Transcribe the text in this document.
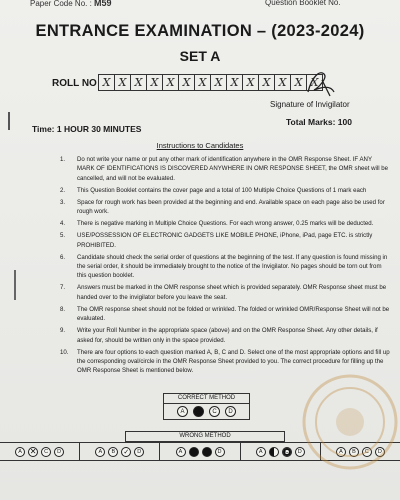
Paper Code No. : M59	Question Booklet No.
ENTRANCE EXAMINATION – (2023-2024)
SET A
ROLL NO X X X X X X X X X X X X X X
Signature of Invigilator
Total Marks: 100
Time: 1 HOUR 30 MINUTES
Instructions to Candidates
1. Do not write your name or put any other mark of identification anywhere in the OMR Response Sheet. IF ANY MARK OF IDENTIFICATIONS IS DISCOVERED ANYWHERE IN OMR RESPONSE SHEET, the OMR sheet will be cancelled, and will not be evaluated.
2. This Question Booklet contains the cover page and a total of 100 Multiple Choice Questions of 1 mark each
3. Space for rough work has been provided at the beginning and end. Available space on each page also be used for rough work.
4. There is negative marking in Multiple Choice Questions. For each wrong answer, 0.25 marks will be deducted.
5. USE/POSSESSION OF ELECTRONIC GADGETS LIKE MOBILE PHONE, iPhone, iPad, page ETC. is strictly PROHIBITED.
6. Candidate should check the serial order of questions at the beginning of the test. If any question is found missing in the serial order, it should be immediately brought to the notice of the Invigilator. No pages should be torn out from this question booklet.
7. Answers must be marked in the OMR response sheet which is provided separately. OMR Response sheet must be handed over to the invigilator before you leave the seat.
8. The OMR response sheet should not be folded or wrinkled. The folded or wrinkled OMR/Response Sheet will not be evaluated.
9. Write your Roll Number in the appropriate space (above) and on the OMR Response Sheet. Any other details, if asked for, should be written only in the space provided.
10. There are four options to each question marked A, B, C and D. Select one of the most appropriate options and fill up the corresponding oval/circle in the OMR Response Sheet provided to you. The correct procedure for filling up the OMR Response Sheet is mentioned below.
CORRECT METHOD
A	C	D
WRONG METHOD
A ✕	C	D	A	B ✓	D	A	D	A	C	D	A	B	C	D
